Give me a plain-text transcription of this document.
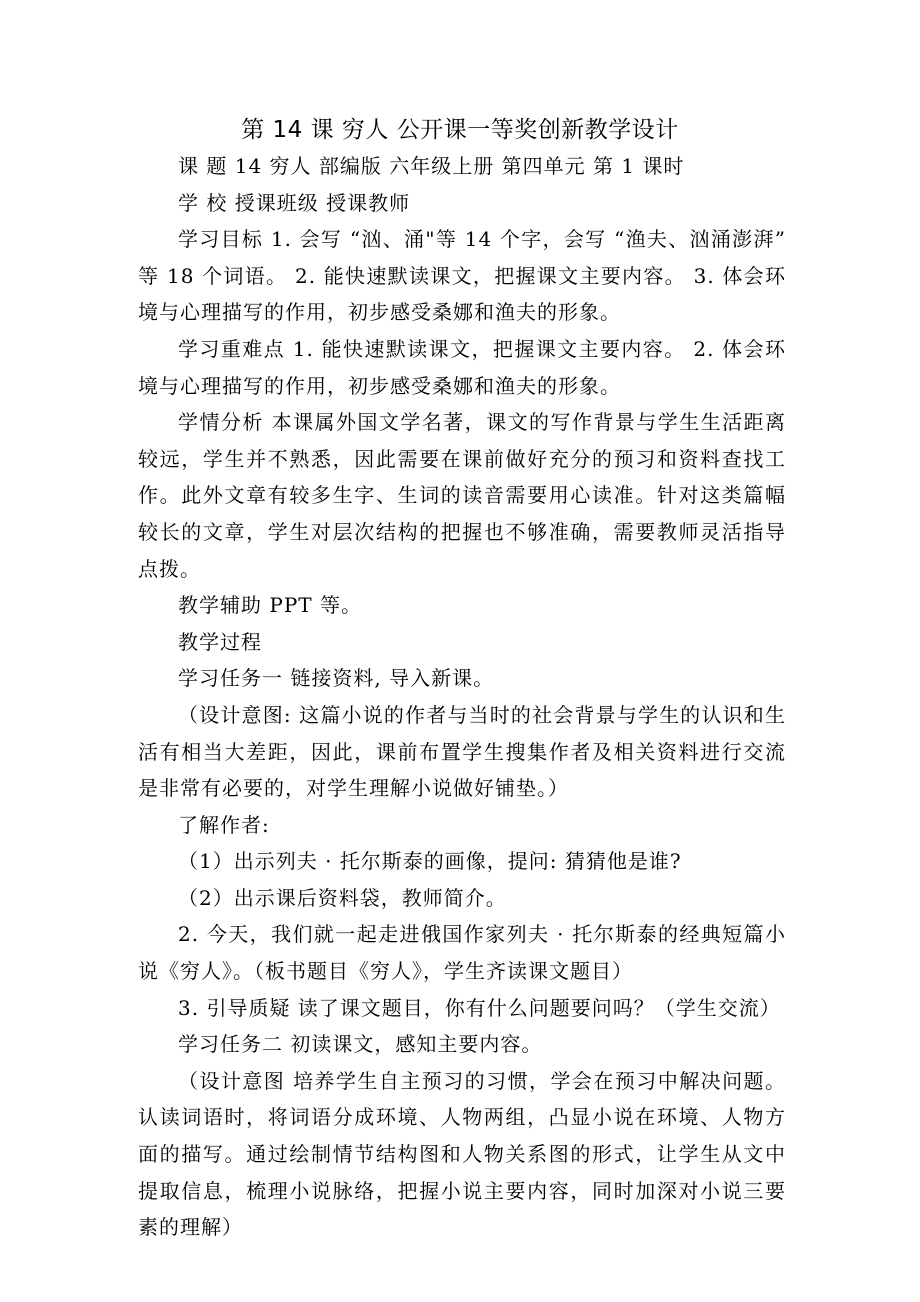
第 14 课 穷人 公开课一等奖创新教学设计

课 题 14 穷人 部编版 六年级上册 第四单元 第 1 课时

学 校 授课班级 授课教师

学习目标 1. 会写 “汹、涌"等 14 个字，会写 “渔夫、汹涌澎湃” 等 18 个词语。 2. 能快速默读课文，把握课文主要内容。 3. 体会环境与心理描写的作用，初步感受桑娜和渔夫的形象。

学习重难点 1. 能快速默读课文，把握课文主要内容。 2. 体会环境与心理描写的作用，初步感受桑娜和渔夫的形象。

学情分析 本课属外国文学名著，课文的写作背景与学生生活距离较远，学生并不熟悉，因此需要在课前做好充分的预习和资料查找工作。此外文章有较多生字、生词的读音需要用心读准。针对这类篇幅较长的文章，学生对层次结构的把握也不够准确，需要教师灵活指导点拨。

教学辅助 PPT 等。

教学过程

学习任务一 链接资料, 导入新课。

（设计意图: 这篇小说的作者与当时的社会背景与学生的认识和生活有相当大差距，因此，课前布置学生搜集作者及相关资料进行交流是非常有必要的，对学生理解小说做好铺垫。）

了解作者:

（1）出示列夫 · 托尔斯泰的画像，提问: 猜猜他是谁?

（2）出示课后资料袋，教师简介。

2. 今天，我们就一起走进俄国作家列夫 · 托尔斯泰的经典短篇小说《穷人》。（板书题目《穷人》，学生齐读课文题目）

3. 引导质疑 读了课文题目，你有什么问题要问吗？（学生交流）

学习任务二 初读课文，感知主要内容。

（设计意图 培养学生自主预习的习惯，学会在预习中解决问题。认读词语时，将词语分成环境、人物两组，凸显小说在环境、人物方面的描写。通过绘制情节结构图和人物关系图的形式，让学生从文中提取信息，梳理小说脉络，把握小说主要内容，同时加深对小说三要素的理解）
